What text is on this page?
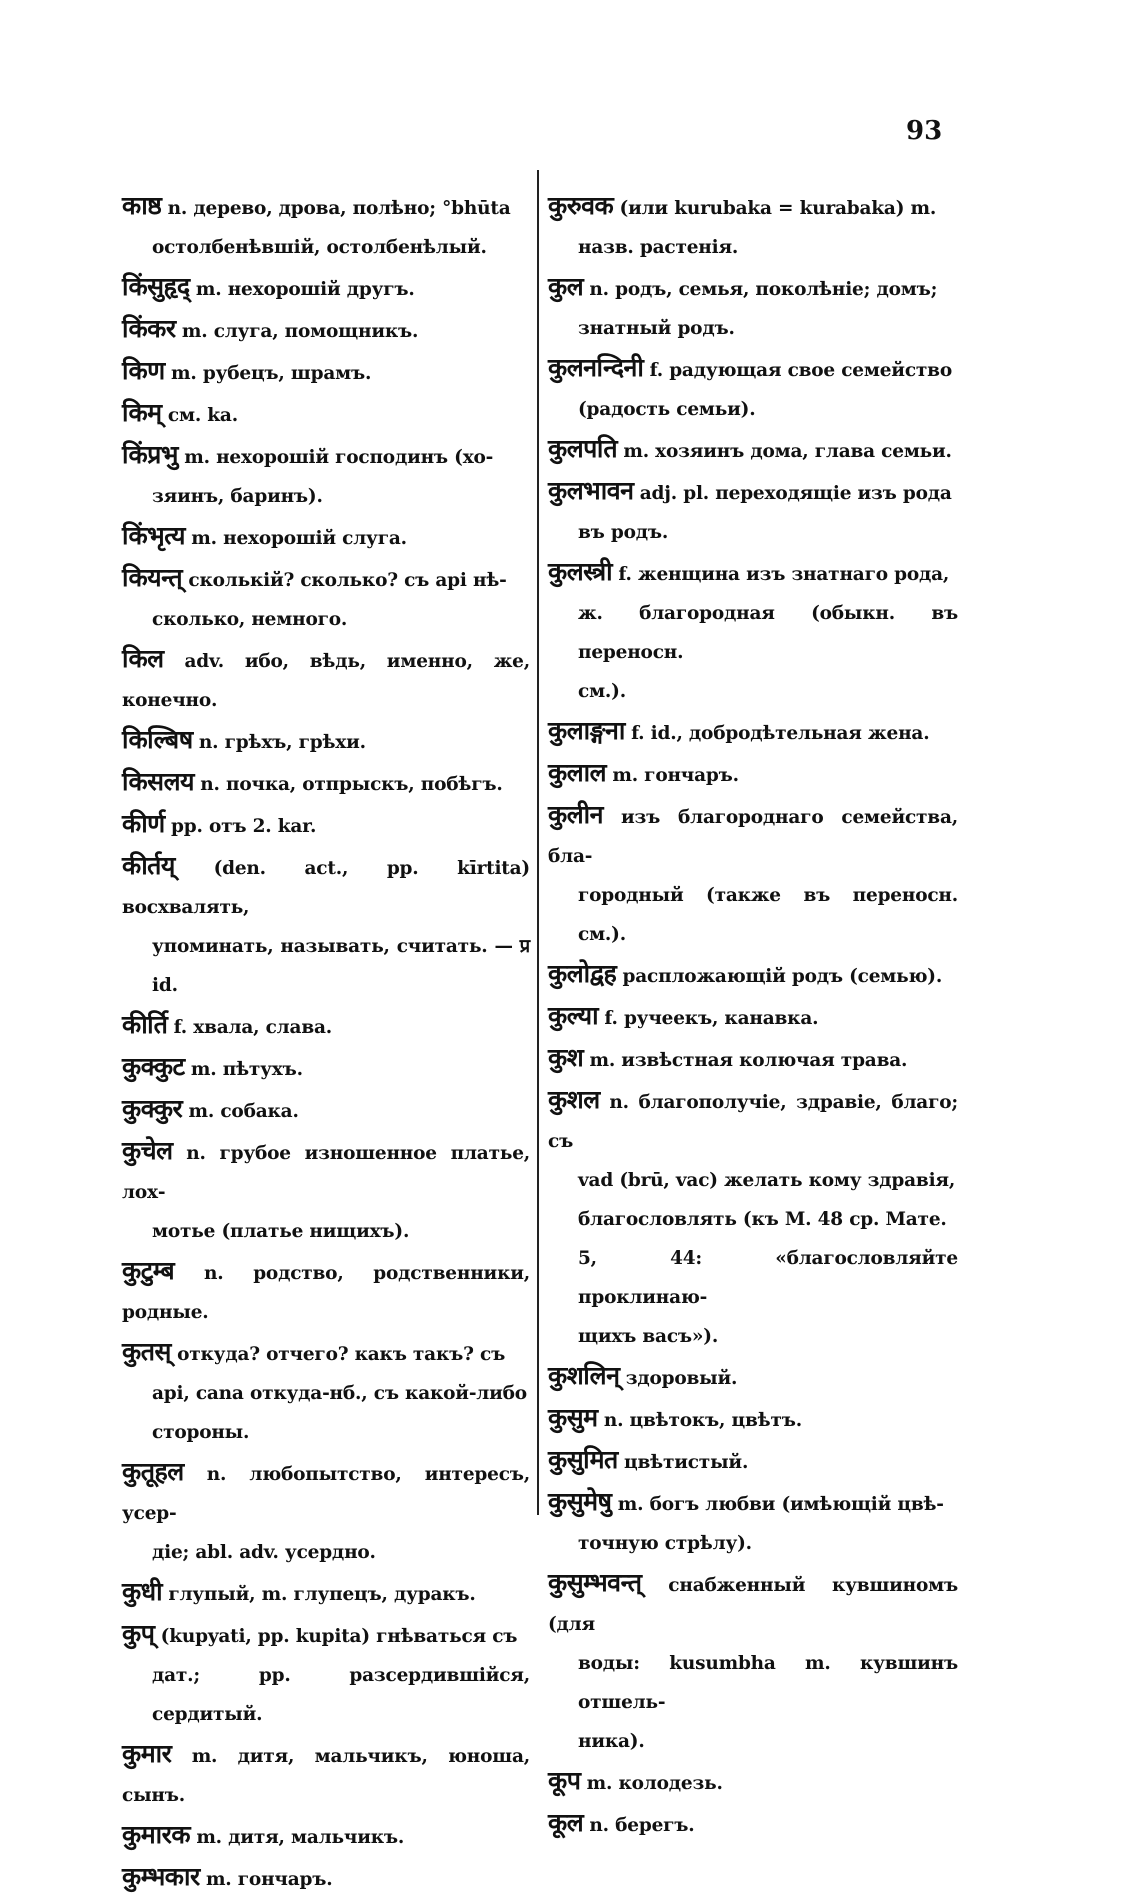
93
काष्ठ n. дерево, дрова, полѣно; °bhūta
остолбенѣвшій, остолбенѣлый.
किंसुहृद् m. нехорошій другъ.
किंकर m. слуга, помощникъ.
किण m. рубецъ, шрамъ.
किम् см. ka.
किंप्रभु m. нехорошій господинъ (хо-
зяинъ, баринъ).
किंभृत्य m. нехорошій слуга.
कियन्त् сколькій? сколько? съ api нѣ-
сколько, немного.
किल adv. ибо, вѣдь, именно, же, конечно.
किल्बिष n. грѣхъ, грѣхи.
किसलय n. почка, отпрыскъ, побѣгъ.
कीर्ण pp. отъ 2. kar.
कीर्तय् (den. act., pp. kīrtita) восхвалять,
упоминать, называть, считать. — प्र id.
कीर्ति f. хвала, слава.
कुक्कुट m. пѣтухъ.
कुक्कुर m. собака.
कुचेल n. грубое изношенное платье, лох-
мотье (платье нищихъ).
कुटुम्ब n. родство, родственники, родные.
कुतस् откуда? отчего? какъ такъ? съ
api, cana откуда-нб., съ какой-либо
стороны.
कुतूहल n. любопытство, интересъ, усер-
діе; abl. adv. усердно.
कुधी глупый, m. глупецъ, дуракъ.
कुप् (kupyati, pp. kupita) гнѣваться съ
дат.; pp. разсердившійся, сердитый.
कुमार m. дитя, мальчикъ, юноша, сынъ.
कुमारक m. дитя, мальчикъ.
कुम्भकार m. гончаръ.
कुरुवक (или kurubaka = kurabaka) m.
назв. растенія.
कुल n. родъ, семья, поколѣніе; домъ;
знатный родъ.
कुलनन्दिनी f. радующая свое семейство
(радость семьи).
कुलपति m. хозяинъ дома, глава семьи.
कुलभावन adj. pl. переходящіе изъ рода
въ родъ.
कुलस्त्री f. женщина изъ знатнаго рода,
ж. благородная (обыкн. въ переносн.
см.).
कुलाङ्गना f. id., добродѣтельная жена.
कुलाल m. гончаръ.
कुलीन изъ благороднаго семейства, бла-
городный (также въ переносн. см.).
कुलोद्वह распложающій родъ (семью).
कुल्या f. ручеекъ, канавка.
कुश m. извѣстная колючая трава.
कुशल n. благополучіе, здравіе, благо; съ
vad (brū, vac) желать кому здравія,
благословлять (къ M. 48 ср. Мате.
5, 44: «благословляйте проклинаю-
щихъ васъ»).
कुशलिन् здоровый.
कुसुम n. цвѣтокъ, цвѣтъ.
कुसुमित цвѣтистый.
कुसुमेषु m. богъ любви (имѣющій цвѣ-
точную стрѣлу).
कुसुम्भवन्त् снабженный кувшиномъ (для
воды: kusumbha m. кувшинъ отшель-
ника).
कूप m. колодезь.
कूल n. берегъ.
